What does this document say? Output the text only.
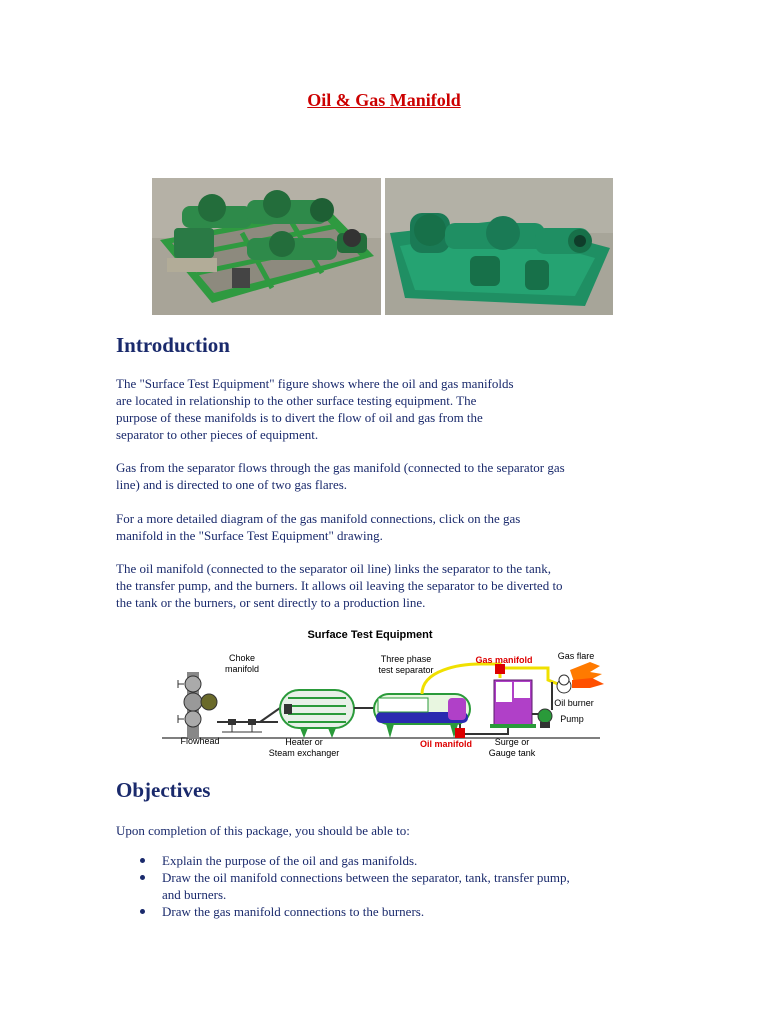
Oil & Gas Manifold
Introduction

The "Surface Test Equipment" figure shows where the oil and gas manifolds
are located in relationship to the other surface testing equipment. The
purpose of these manifolds is to divert the flow of oil and gas from the
separator to other pieces of equipment.

Gas from the separator flows through the gas manifold (connected to the separator gas
line) and is directed to one of two gas flares.

For a more detailed diagram of the gas manifold connections, click on the gas
manifold in the "Surface Test Equipment" drawing.

The oil manifold (connected to the separator oil line) links the separator to the tank,
the transfer pump, and the burners. It allows oil leaving the separator to be diverted to
the tank or the burners, or sent directly to a production line.

Surface Test Equipment
Choke
manifold
Three phase
test separator
Gas manifold	Gas flare
Oil burner
Pump
Flowhead	Heater or
Steam exchanger
Oil manifold	Surge or
Gauge tank
Objectives

Upon completion of this package, you should be able to:

Explain the purpose of the oil and gas manifolds.
Draw the oil manifold connections between the separator, tank, transfer pump,
and burners.
Draw the gas manifold connections to the burners.
